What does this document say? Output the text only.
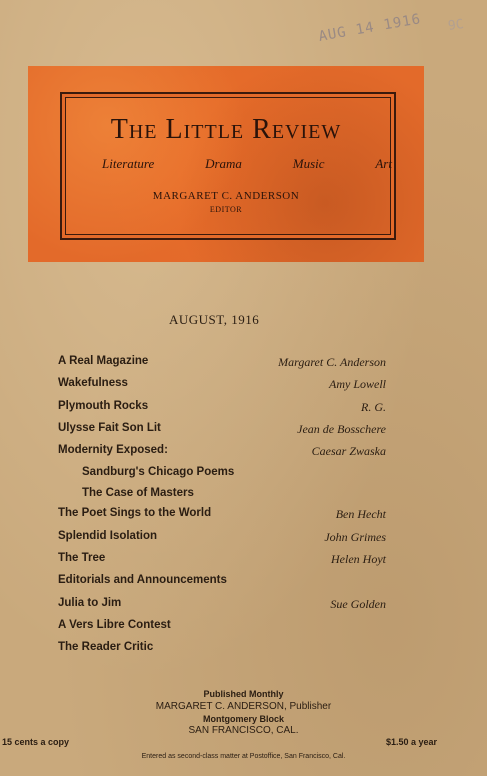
AUG 14 1916 9C
The Little Review
Literature	Drama	Music	Art
MARGARET C. ANDERSON
EDITOR
AUGUST, 1916
A Real Magazine	Margaret C. Anderson
Wakefulness	Amy Lowell
Plymouth Rocks	R. G.
Ulysse Fait Son Lit	Jean de Bosschere
Modernity Exposed:	Caesar Zwaska
Sandburg's Chicago Poems
The Case of Masters
The Poet Sings to the World	Ben Hecht
Splendid Isolation	John Grimes
The Tree	Helen Hoyt
Editorials and Announcements
Julia to Jim	Sue Golden
A Vers Libre Contest
The Reader Critic
Published Monthly
MARGARET C. ANDERSON, Publisher
Montgomery Block
SAN FRANCISCO, CAL.
15 cents a copy	$1.50 a year
Entered as second-class matter at Postoffice, San Francisco, Cal.
